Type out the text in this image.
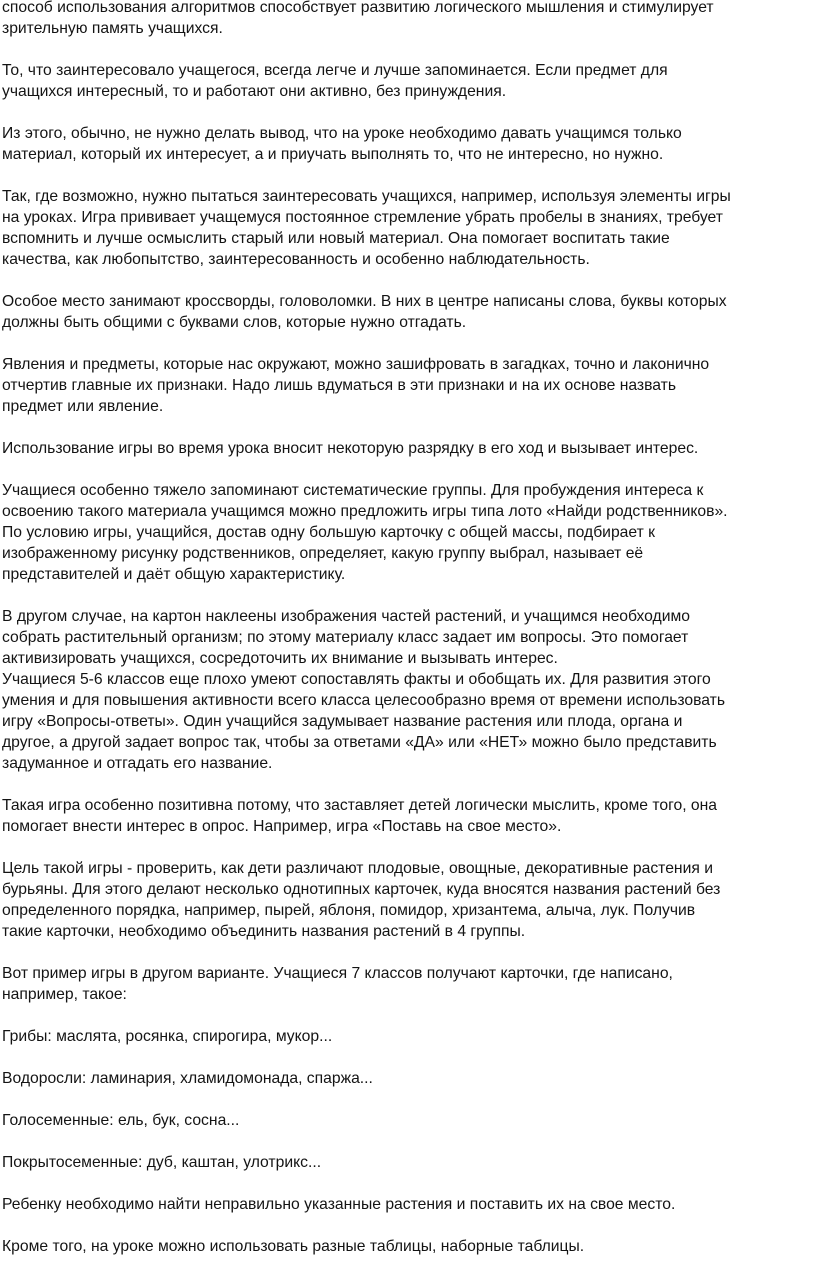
способ использования алгоритмов способствует развитию логического мышления и стимулирует
зрительную память учащихся.

То, что заинтересовало учащегося, всегда легче и лучше запоминается. Если предмет для
учащихся интересный, то и работают они активно, без принуждения.

Из этого, обычно, не нужно делать вывод, что на уроке необходимо давать учащимся только
материал, который их интересует, а и приучать выполнять то, что не интересно, но нужно.

Так, где возможно, нужно пытаться заинтересовать учащихся, например, используя элементы игры
на уроках. Игра прививает учащемуся постоянное стремление убрать пробелы в знаниях, требует
вспомнить и лучше осмыслить старый или новый материал. Она помогает воспитать такие
качества, как любопытство, заинтересованность и особенно наблюдательность.

Особое место занимают кроссворды, головоломки. В них в центре написаны слова, буквы которых
должны быть общими с буквами слов, которые нужно отгадать.

Явления и предметы, которые нас окружают, можно зашифровать в загадках, точно и лаконично
отчертив главные их признаки. Надо лишь вдуматься в эти признаки и на их основе назвать
предмет или явление.

Использование игры во время урока вносит некоторую разрядку в его ход и вызывает интерес.

Учащиеся особенно тяжело запоминают систематические группы. Для пробуждения интереса к
освоению такого материала учащимся можно предложить игры типа лото «Найди родственников».
По условию игры, учащийся, достав одну большую карточку с общей массы, подбирает к
изображенному рисунку родственников, определяет, какую группу выбрал, называет её
представителей и даёт общую характеристику.

В другом случае, на картон наклеены изображения частей растений, и учащимся необходимо
собрать растительный организм; по этому материалу класс задает им вопросы. Это помогает
активизировать учащихся, сосредоточить их внимание и вызывать интерес.

Учащиеся 5-6 классов еще плохо умеют сопоставлять факты и обобщать их. Для развития этого
умения и для повышения активности всего класса целесообразно время от времени использовать
игру «Вопросы-ответы». Один учащийся задумывает название растения или плода, органа и
другое, а другой задает вопрос так, чтобы за ответами «ДА» или «НЕТ» можно было представить
задуманное и отгадать его название.

Такая игра особенно позитивна потому, что заставляет детей логически мыслить, кроме того, она
помогает внести интерес в опрос. Например, игра «Поставь на свое место».

Цель такой игры - проверить, как дети различают плодовые, овощные, декоративные растения и
бурьяны. Для этого делают несколько однотипных карточек, куда вносятся названия растений без
определенного порядка, например, пырей, яблоня, помидор, хризантема, алыча, лук. Получив
такие карточки, необходимо объединить названия растений в 4 группы.

Вот пример игры в другом варианте. Учащиеся 7 классов получают карточки, где написано,
например, такое:

Грибы: маслята, росянка, спирогира, мукор...

Водоросли: ламинария, хламидомонада, спаржа...

Голосеменные: ель, бук, сосна...

Покрытосеменные: дуб, каштан, улотрикс...

Ребенку необходимо найти неправильно указанные растения и поставить их на свое место.

Кроме того, на уроке можно использовать разные таблицы, наборные таблицы.
